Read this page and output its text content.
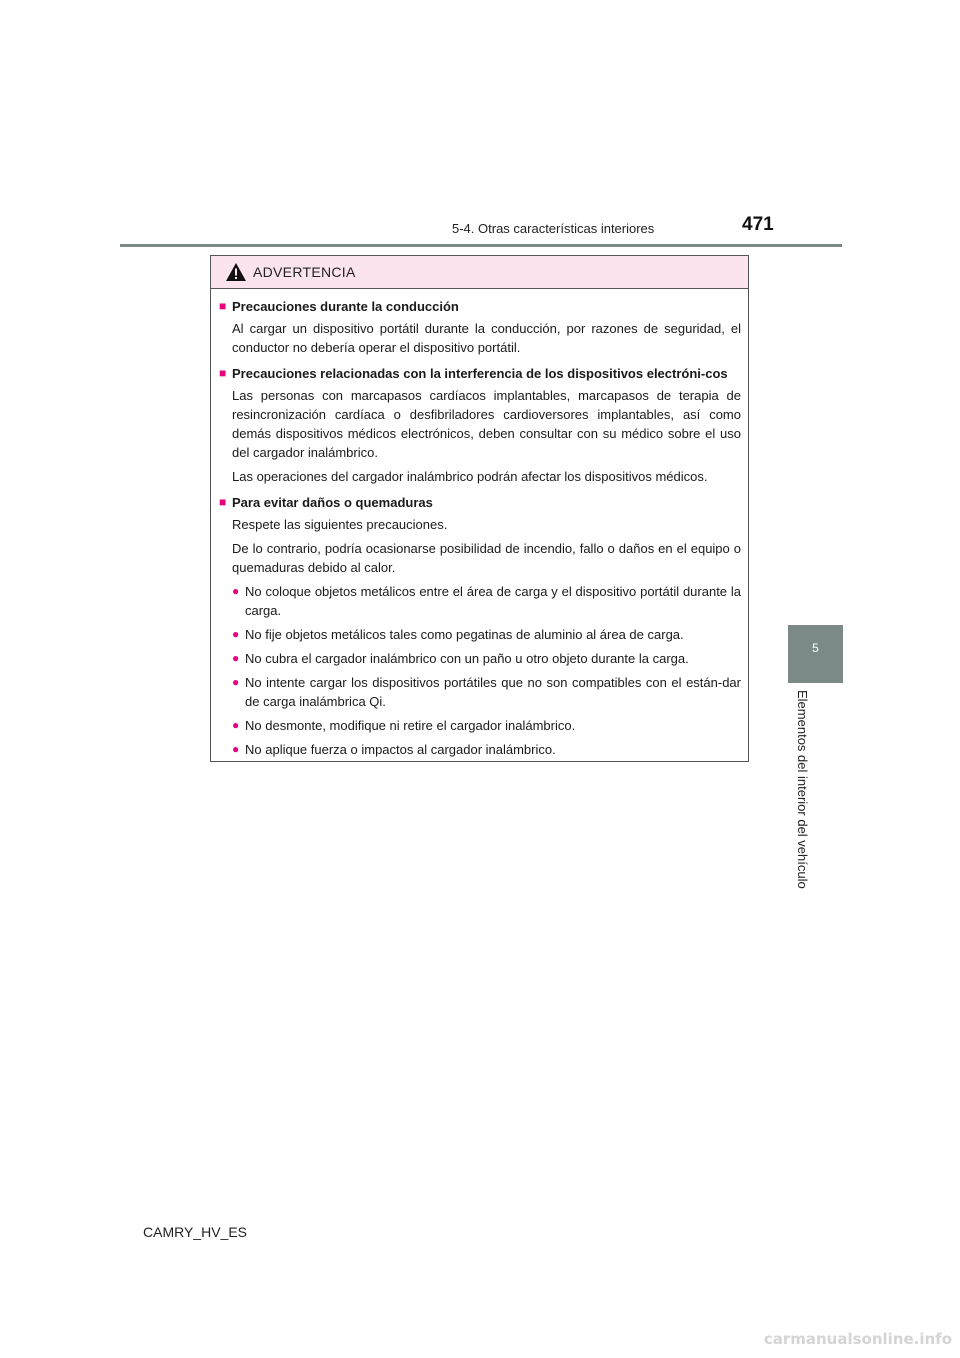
5-4. Otras características interiores	471
5
Elementos del interior del vehículo
ADVERTENCIA
■ Precauciones durante la conducción
Al cargar un dispositivo portátil durante la conducción, por razones de seguridad, el conductor no debería operar el dispositivo portátil.
■ Precauciones relacionadas con la interferencia de los dispositivos electróni-cos
Las personas con marcapasos cardíacos implantables, marcapasos de terapia de resincronización cardíaca o desfibriladores cardioversores implantables, así como demás dispositivos médicos electrónicos, deben consultar con su médico sobre el uso del cargador inalámbrico.
Las operaciones del cargador inalámbrico podrán afectar los dispositivos médicos.
■ Para evitar daños o quemaduras
Respete las siguientes precauciones.
De lo contrario, podría ocasionarse posibilidad de incendio, fallo o daños en el equipo o quemaduras debido al calor.
● No coloque objetos metálicos entre el área de carga y el dispositivo portátil durante la carga.
● No fije objetos metálicos tales como pegatinas de aluminio al área de carga.
● No cubra el cargador inalámbrico con un paño u otro objeto durante la carga.
● No intente cargar los dispositivos portátiles que no son compatibles con el están-dar de carga inalámbrica Qi.
● No desmonte, modifique ni retire el cargador inalámbrico.
● No aplique fuerza o impactos al cargador inalámbrico.
CAMRY_HV_ES
carmanualsonline.info
